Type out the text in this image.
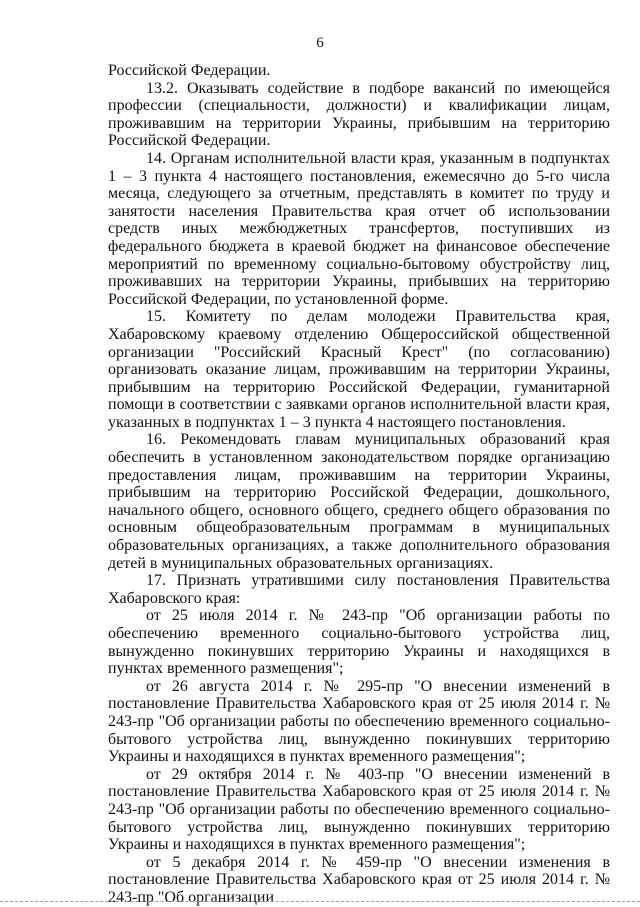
6

Российской Федерации.

13.2. Оказывать содействие в подборе вакансий по имеющейся профессии (специальности, должности) и квалификации лицам, проживавшим на территории Украины, прибывшим на территорию Российской Федерации.

14. Органам исполнительной власти края, указанным в подпунктах 1 – 3 пункта 4 настоящего постановления, ежемесячно до 5-го числа месяца, следующего за отчетным, представлять в комитет по труду и занятости населения Правительства края отчет об использовании средств иных межбюджетных трансфертов, поступивших из федерального бюджета в краевой бюджет на финансовое обеспечение мероприятий по временному социально-бытовому обустройству лиц, проживавших на территории Украины, прибывших на территорию Российской Федерации, по установленной форме.

15. Комитету по делам молодежи Правительства края, Хабаровскому краевому отделению Общероссийской общественной организации "Российский Красный Крест" (по согласованию) организовать оказание лицам, проживавшим на территории Украины, прибывшим на территорию Российской Федерации, гуманитарной помощи в соответствии с заявками органов исполнительной власти края, указанных в подпунктах 1 – 3 пункта 4 настоящего постановления.

16. Рекомендовать главам муниципальных образований края обеспечить в установленном законодательством порядке организацию предоставления лицам, проживавшим на территории Украины, прибывшим на территорию Российской Федерации, дошкольного, начального общего, основного общего, среднего общего образования по основным общеобразовательным программам в муниципальных образовательных организациях, а также дополнительного образования детей в муниципальных образовательных организациях.

17. Признать утратившими силу постановления Правительства Хабаровского края:

от 25 июля 2014 г. № 243-пр "Об организации работы по обеспечению временного социально-бытового устройства лиц, вынужденно покинувших территорию Украины и находящихся в пунктах временного размещения";

от 26 августа 2014 г. № 295-пр "О внесении изменений в постановление Правительства Хабаровского края от 25 июля 2014 г. № 243-пр "Об организации работы по обеспечению временного социально-бытового устройства лиц, вынужденно покинувших территорию Украины и находящихся в пунктах временного размещения";

от 29 октября 2014 г. № 403-пр "О внесении изменений в постановление Правительства Хабаровского края от 25 июля 2014 г. № 243-пр "Об организации работы по обеспечению временного социально-бытового устройства лиц, вынужденно покинувших территорию Украины и находящихся в пунктах временного размещения";

от 5 декабря 2014 г. № 459-пр "О внесении изменения в постановление Правительства Хабаровского края от 25 июля 2014 г. № 243-пр "Об организации
